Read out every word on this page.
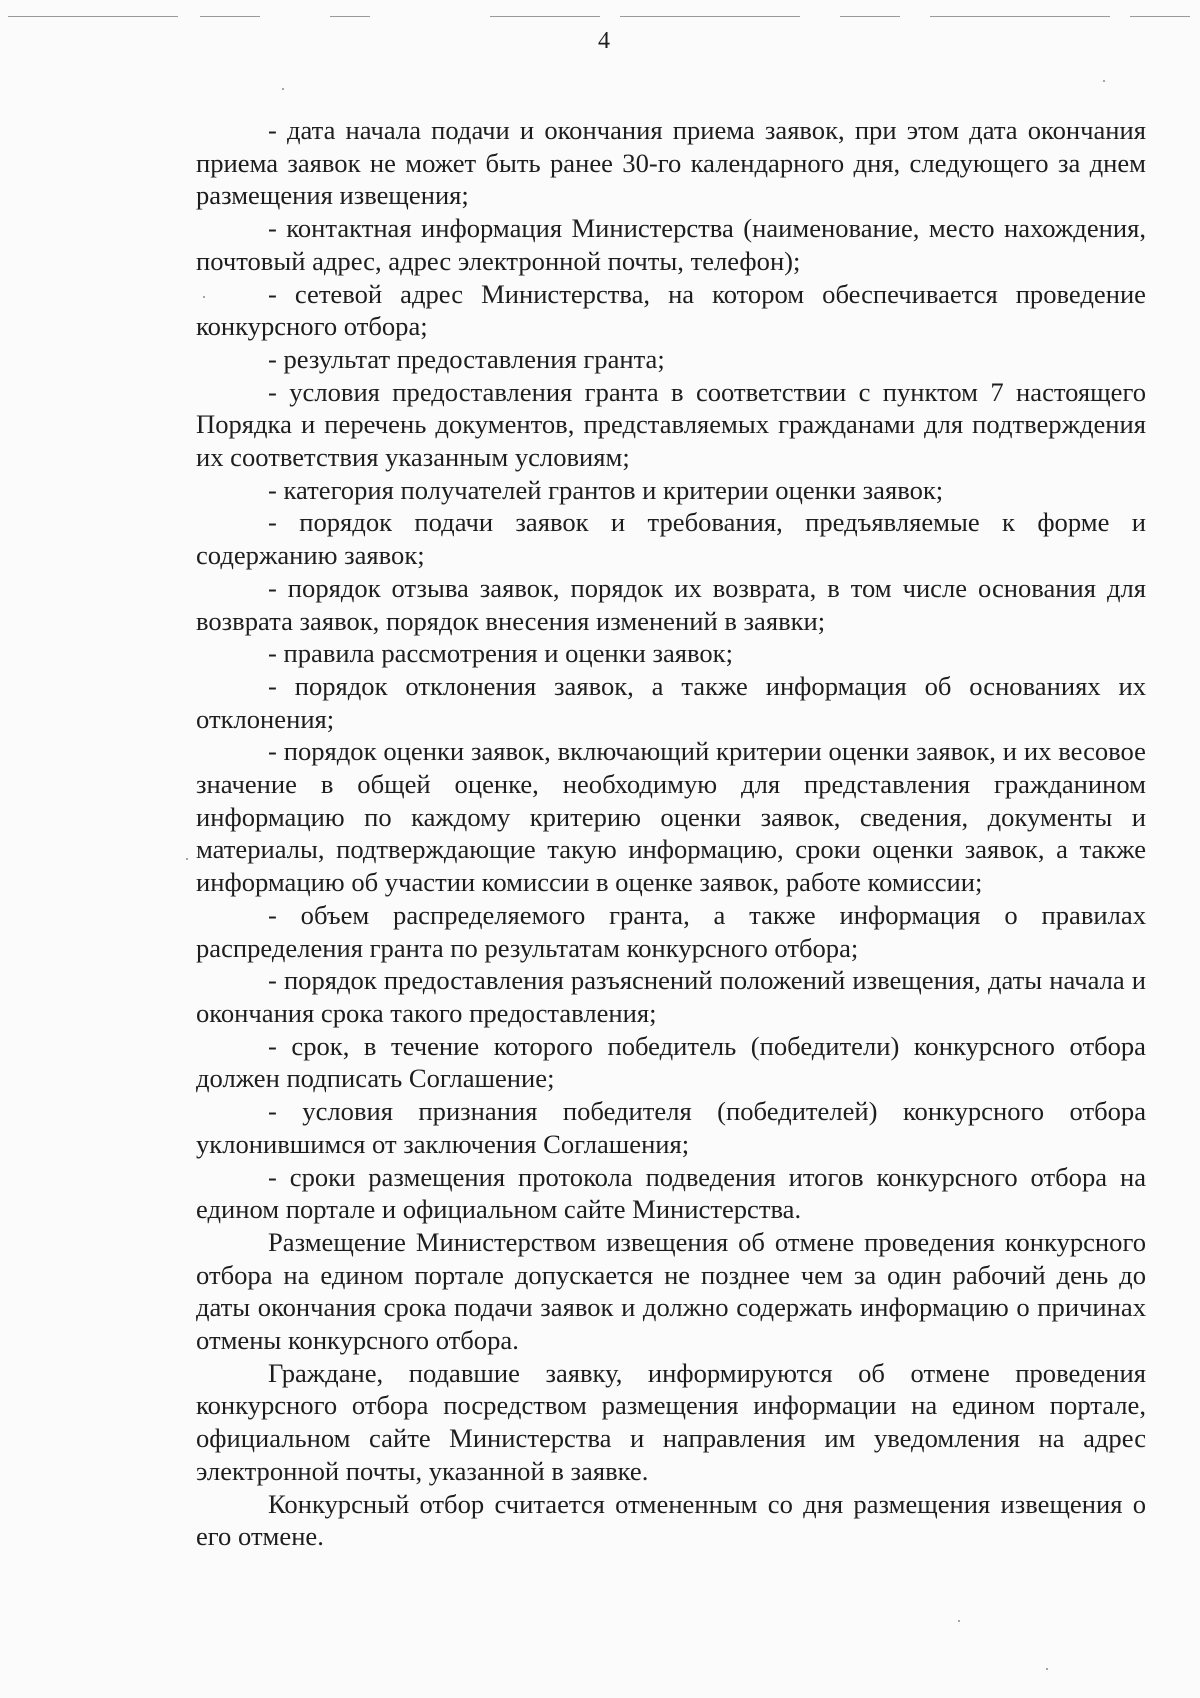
4

- дата начала подачи и окончания приема заявок, при этом дата окончания приема заявок не может быть ранее 30-го календарного дня, следующего за днем размещения извещения;

- контактная информация Министерства (наименование, место нахождения, почтовый адрес, адрес электронной почты, телефон);

- сетевой адрес Министерства, на котором обеспечивается проведение конкурсного отбора;

- результат предоставления гранта;

- условия предоставления гранта в соответствии с пунктом 7 настоящего Порядка и перечень документов, представляемых гражданами для подтверждения их соответствия указанным условиям;

- категория получателей грантов и критерии оценки заявок;

- порядок подачи заявок и требования, предъявляемые к форме и содержанию заявок;

- порядок отзыва заявок, порядок их возврата, в том числе основания для возврата заявок, порядок внесения изменений в заявки;

- правила рассмотрения и оценки заявок;

- порядок отклонения заявок, а также информация об основаниях их отклонения;

- порядок оценки заявок, включающий критерии оценки заявок, и их весовое значение в общей оценке, необходимую для представления гражданином информацию по каждому критерию оценки заявок, сведения, документы и материалы, подтверждающие такую информацию, сроки оценки заявок, а также информацию об участии комиссии в оценке заявок, работе комиссии;

- объем распределяемого гранта, а также информация о правилах распределения гранта по результатам конкурсного отбора;

- порядок предоставления разъяснений положений извещения, даты начала и окончания срока такого предоставления;

- срок, в течение которого победитель (победители) конкурсного отбора должен подписать Соглашение;

- условия признания победителя (победителей) конкурсного отбора уклонившимся от заключения Соглашения;

- сроки размещения протокола подведения итогов конкурсного отбора на едином портале и официальном сайте Министерства.

Размещение Министерством извещения об отмене проведения конкурсного отбора на едином портале допускается не позднее чем за один рабочий день до даты окончания срока подачи заявок и должно содержать информацию о причинах отмены конкурсного отбора.

Граждане, подавшие заявку, информируются об отмене проведения конкурсного отбора посредством размещения информации на едином портале, официальном сайте Министерства и направления им уведомления на адрес электронной почты, указанной в заявке.

Конкурсный отбор считается отмененным со дня размещения извещения о его отмене.
